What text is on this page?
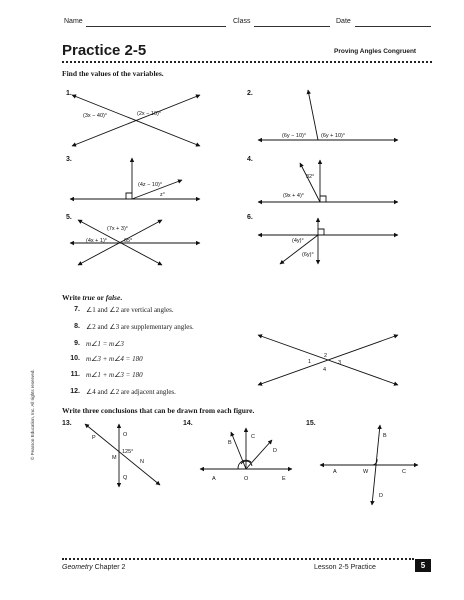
Name	Class	Date
Practice 2-5	Proving Angles Congruent
© Pearson Education, Inc. All rights reserved.
Find the values of the variables.
1.	2.
3.	4.
5.	6.
(3x − 40)°	(2x − 10)°
(6y − 10)°	(6y + 10)°
(4z − 10)°
z°
32°
(9x + 4)°
(7x + 3)°
(4x + 1)°	65°	(4y)°
(6y)°
Write true or false.
7. ∠1 and ∠2 are vertical angles.
8. ∠2 and ∠3 are supplementary angles.
9. m∠1 = m∠3
10. m∠3 + m∠4 = 180
11. m∠1 + m∠3 = 180
12. ∠4 and ∠2 are adjacent angles.
1
2
3
4
Write three conclusions that can be drawn from each figure.
13.	14.	15.
P	O
125°
M
N
Q
B
C
D
A	O	E
B
A	W	C
D
Geometry Chapter 2	Lesson 2-5 Practice	5
